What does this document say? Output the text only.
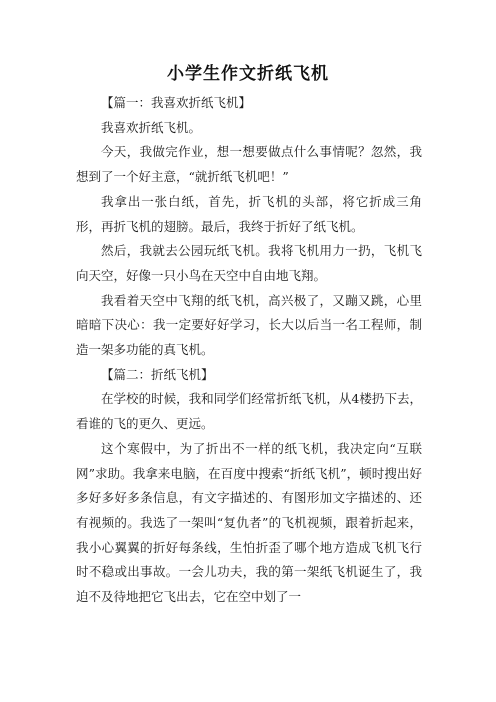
小学生作文折纸飞机

【篇一：我喜欢折纸飞机】

我喜欢折纸飞机。

今天，我做完作业，想一想要做点什么事情呢？忽然，我想到了一个好主意，“就折纸飞机吧！”

我拿出一张白纸，首先，折飞机的头部，将它折成三角形，再折飞机的翅膀。最后，我终于折好了纸飞机。

然后，我就去公园玩纸飞机。我将飞机用力一扔，飞机飞向天空，好像一只小鸟在天空中自由地飞翔。

我看着天空中飞翔的纸飞机，高兴极了，又蹦又跳，心里暗暗下决心：我一定要好好学习，长大以后当一名工程师，制造一架多功能的真飞机。

【篇二：折纸飞机】

在学校的时候，我和同学们经常折纸飞机，从4楼扔下去，看谁的飞的更久、更远。

这个寒假中，为了折出不一样的纸飞机，我决定向“互联网”求助。我拿来电脑，在百度中搜索“折纸飞机”，顿时搜出好多好多好多条信息，有文字描述的、有图形加文字描述的、还有视频的。我选了一架叫“复仇者”的飞机视频，跟着折起来，我小心翼翼的折好每条线，生怕折歪了哪个地方造成飞机飞行时不稳或出事故。一会儿功夫，我的第一架纸飞机诞生了，我迫不及待地把它飞出去，它在空中划了一
